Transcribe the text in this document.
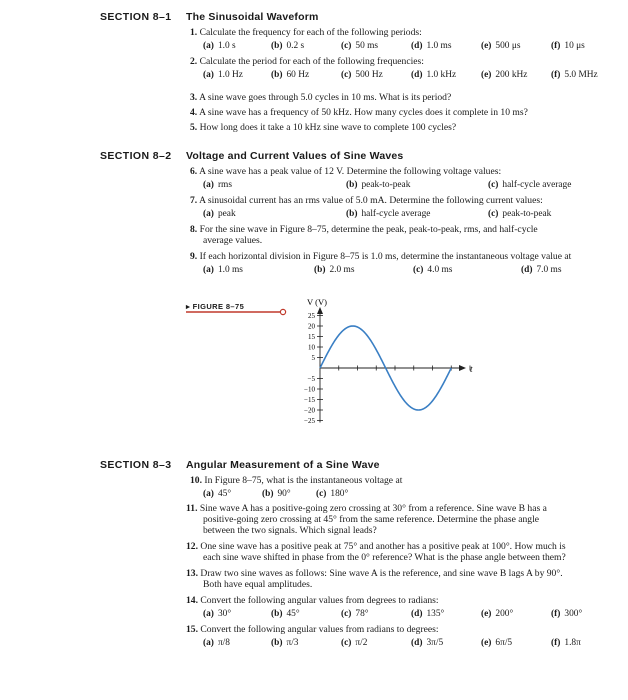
SECTION 8–1 The Sinusoidal Waveform
1. Calculate the frequency for each of the following periods:
(a) 1.0 s	(b) 0.2 s	(c) 50 ms	(d) 1.0 ms	(e) 500 μs	(f) 10 μs
2. Calculate the period for each of the following frequencies:
(a) 1.0 Hz	(b) 60 Hz	(c) 500 Hz	(d) 1.0 kHz	(e) 200 kHz	(f) 5.0 MHz
3. A sine wave goes through 5.0 cycles in 10 ms. What is its period?
4. A sine wave has a frequency of 50 kHz. How many cycles does it complete in 10 ms?
5. How long does it take a 10 kHz sine wave to complete 100 cycles?
SECTION 8–2 Voltage and Current Values of Sine Waves
6. A sine wave has a peak value of 12 V. Determine the following voltage values:
(a) rms	(b) peak-to-peak	(c) half-cycle average
7. A sinusoidal current has an rms value of 5.0 mA. Determine the following current values:
(a) peak	(b) half-cycle average	(c) peak-to-peak
8. For the sine wave in Figure 8–75, determine the peak, peak-to-peak, rms, and half-cycle
average values.
9. If each horizontal division in Figure 8–75 is 1.0 ms, determine the instantaneous voltage value at
(a) 1.0 ms	(b) 2.0 ms	(c) 4.0 ms	(d) 7.0 ms
▸ FIGURE 8–75
25
20
15
10
5
−5
−10
−15
−20
−25
V (V)
t
SECTION 8–3 Angular Measurement of a Sine Wave
10. In Figure 8–75, what is the instantaneous voltage at
(a) 45°	(b) 90°	(c) 180°
11. Sine wave A has a positive-going zero crossing at 30° from a reference. Sine wave B has a
positive-going zero crossing at 45° from the same reference. Determine the phase angle
between the two signals. Which signal leads?
12. One sine wave has a positive peak at 75° and another has a positive peak at 100°. How much is
each sine wave shifted in phase from the 0° reference? What is the phase angle between them?
13. Draw two sine waves as follows: Sine wave A is the reference, and sine wave B lags A by 90°.
Both have equal amplitudes.
14. Convert the following angular values from degrees to radians:
(a) 30°	(b) 45°	(c) 78°	(d) 135°	(e) 200°	(f) 300°
15. Convert the following angular values from radians to degrees:
(a) π/8	(b) π/3	(c) π/2	(d) 3π/5	(e) 6π/5	(f) 1.8π
